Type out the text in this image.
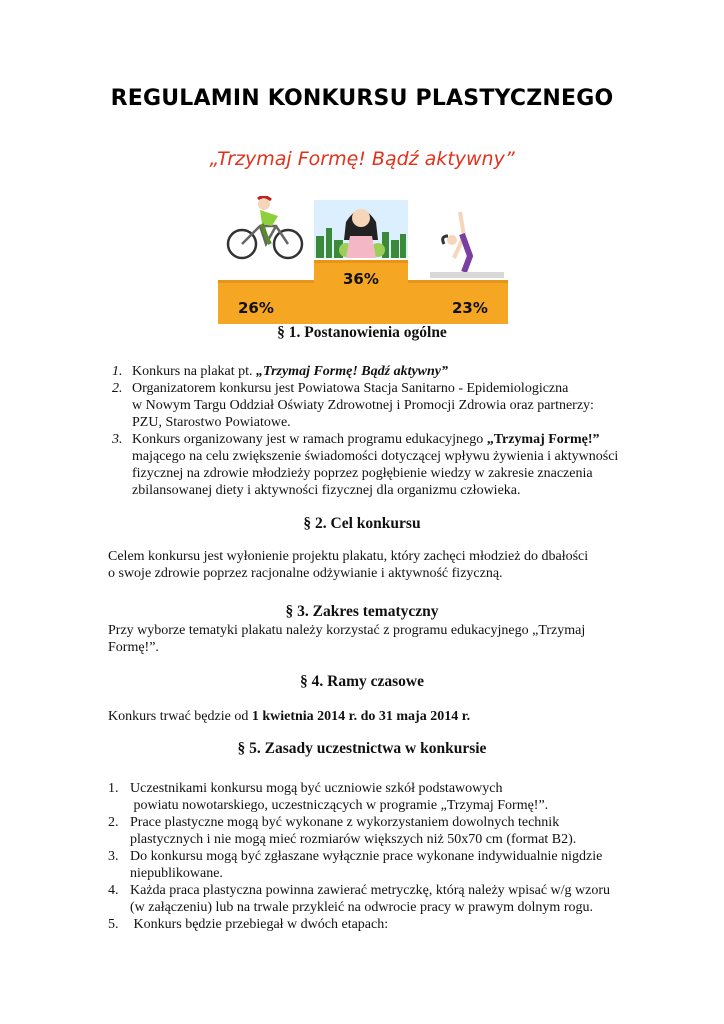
REGULAMIN KONKURSU PLASTYCZNEGO
„Trzymaj Formę! Bądź aktywny”
26%
36%
23%
§ 1. Postanowienia ogólne
1. Konkurs na plakat pt. „Trzymaj Formę! Bądź aktywny”
2. Organizatorem konkursu jest Powiatowa Stacja Sanitarno - Epidemiologiczna
w Nowym Targu Oddział Oświaty Zdrowotnej i Promocji Zdrowia oraz partnerzy:
PZU, Starostwo Powiatowe.
3. Konkurs organizowany jest w ramach programu edukacyjnego „Trzymaj Formę!”
mającego na celu zwiększenie świadomości dotyczącej wpływu żywienia i aktywności
fizycznej na zdrowie młodzieży poprzez pogłębienie wiedzy w zakresie znaczenia
zbilansowanej diety i aktywności fizycznej dla organizmu człowieka.
§ 2. Cel konkursu
Celem konkursu jest wyłonienie projektu plakatu, który zachęci młodzież do dbałości
o swoje zdrowie poprzez racjonalne odżywianie i aktywność fizyczną.
§ 3. Zakres tematyczny
Przy wyborze tematyki plakatu należy korzystać z programu edukacyjnego „Trzymaj
Formę!”.
§ 4. Ramy czasowe
Konkurs trwać będzie od 1 kwietnia 2014 r. do 31 maja 2014 r.
§ 5. Zasady uczestnictwa w konkursie
1. Uczestnikami konkursu mogą być uczniowie szkół podstawowych
powiatu nowotarskiego, uczestniczących w programie „Trzymaj Formę!”.
2. Prace plastyczne mogą być wykonane z wykorzystaniem dowolnych technik
plastycznych i nie mogą mieć rozmiarów większych niż 50x70 cm (format B2).
3. Do konkursu mogą być zgłaszane wyłącznie prace wykonane indywidualnie nigdzie
niepublikowane.
4. Każda praca plastyczna powinna zawierać metryczkę, którą należy wpisać w/g wzoru
(w załączeniu) lub na trwale przykleić na odwrocie pracy w prawym dolnym rogu.
5. Konkurs będzie przebiegał w dwóch etapach:
